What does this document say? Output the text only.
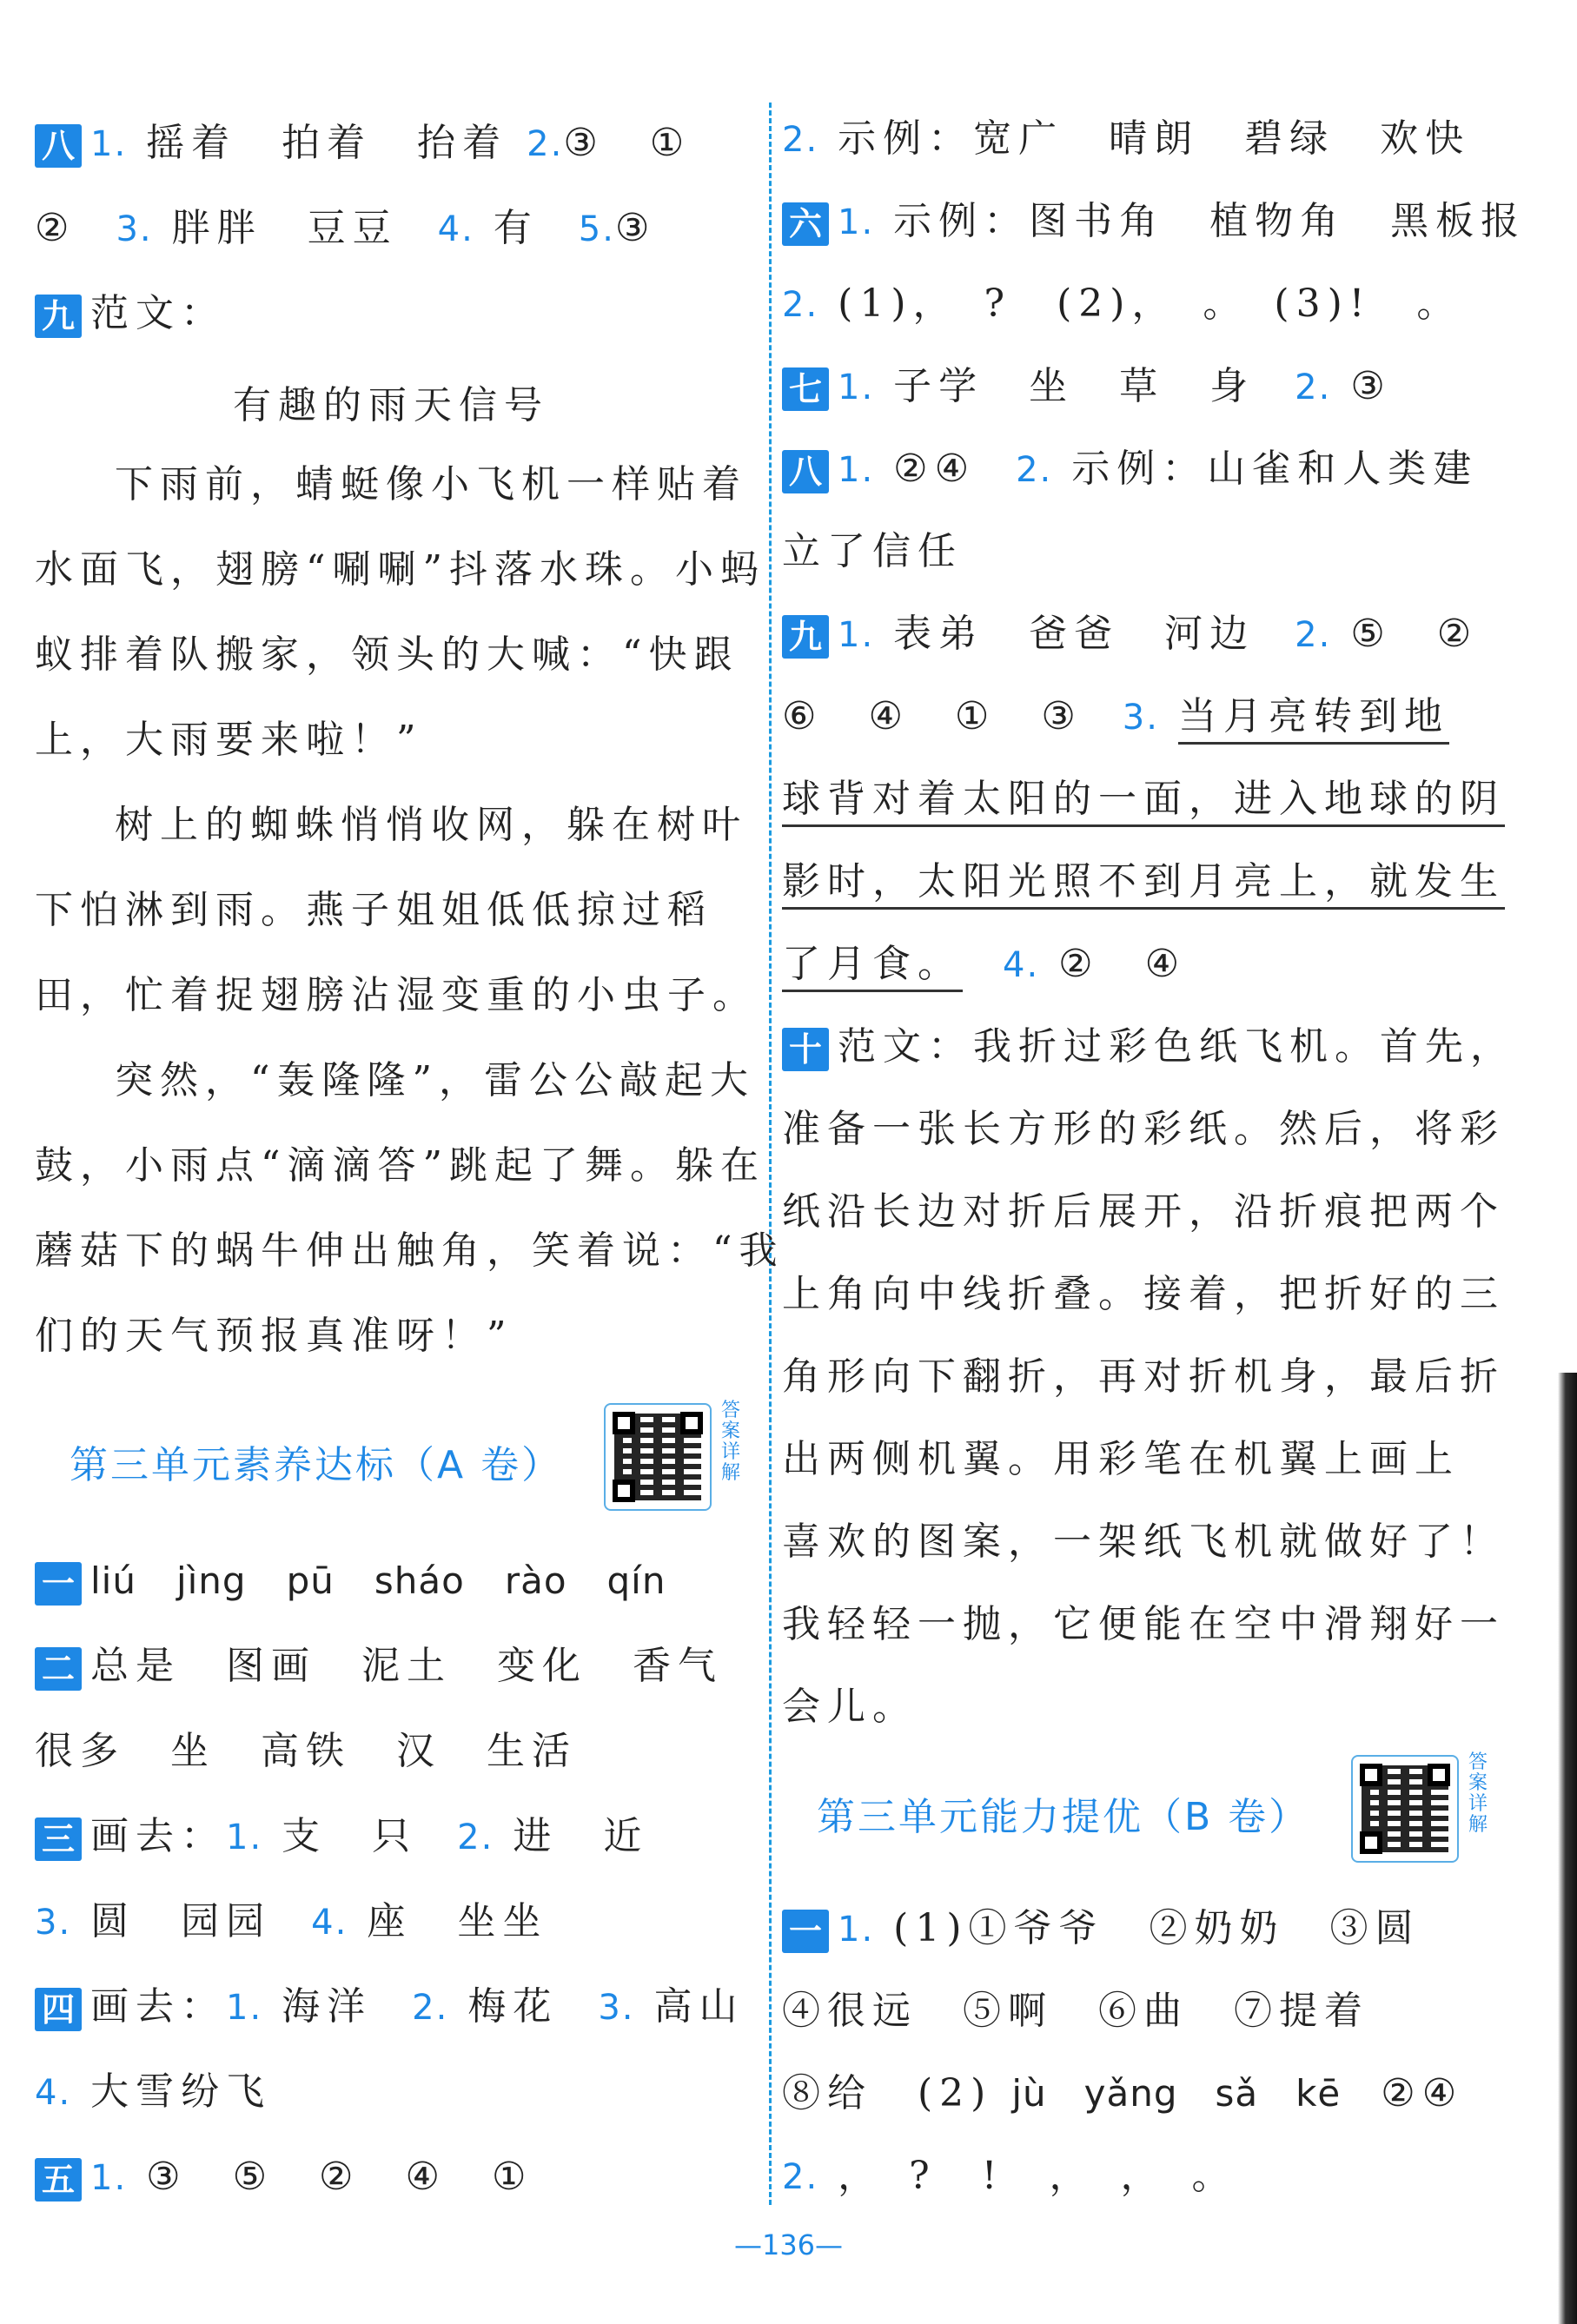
八 1. 摇着　拍着　抬着 2.③　①
② 3. 胖胖　豆豆 4. 有 5.③
九 范文：
有趣的雨天信号
下雨前，蜻蜓像小飞机一样贴着
水面飞，翅膀“唰唰”抖落水珠。小蚂
蚁排着队搬家，领头的大喊：“快跟
上，大雨要来啦！”
树上的蜘蛛悄悄收网，躲在树叶
下怕淋到雨。燕子姐姐低低掠过稻
田，忙着捉翅膀沾湿变重的小虫子。
突然，“轰隆隆”，雷公公敲起大
鼓，小雨点“滴滴答”跳起了舞。躲在
蘑菇下的蜗牛伸出触角，笑着说：“我
们的天气预报真准呀！”
第三单元素养达标（A 卷）
答案详解
一 liú jìng pū sháo rào qín
二 总是　图画　泥土　变化　香气
很多　坐　高铁　汉　生活
三 画去：1. 支　只 2. 进　近
3. 圆　园园 4. 座　坐坐
四 画去：1. 海洋 2. 梅花 3. 高山
4. 大雪纷飞
五 1. ③　⑤　②　④　①
2. 示例：宽广　晴朗　碧绿　欢快
六 1. 示例：图书角　植物角　黑板报
2. (1)，　?　(2)，　。　(3)!　。
七 1. 子学　坐　草　身 2. ③
八 1. ②④ 2. 示例：山雀和人类建
立了信任
九 1. 表弟　爸爸　河边 2. ⑤　②
⑥　④　①　③ 3. 当月亮转到地
球背对着太阳的一面，进入地球的阴
影时，太阳光照不到月亮上，就发生
了月食。 4. ②　④
十 范文：我折过彩色纸飞机。首先，
准备一张长方形的彩纸。然后，将彩
纸沿长边对折后展开，沿折痕把两个
上角向中线折叠。接着，把折好的三
角形向下翻折，再对折机身，最后折
出两侧机翼。用彩笔在机翼上画上
喜欢的图案，一架纸飞机就做好了！
我轻轻一抛，它便能在空中滑翔好一
会儿。
第三单元能力提优（B 卷）
答案详解
一 1. (1)①爷爷　②奶奶　③圆
④很远　⑤啊　⑥曲　⑦提着
⑧给　(2) jù　yǎng　sǎ　kē ②④
2. ，　?　!　，　，　。
—136—
